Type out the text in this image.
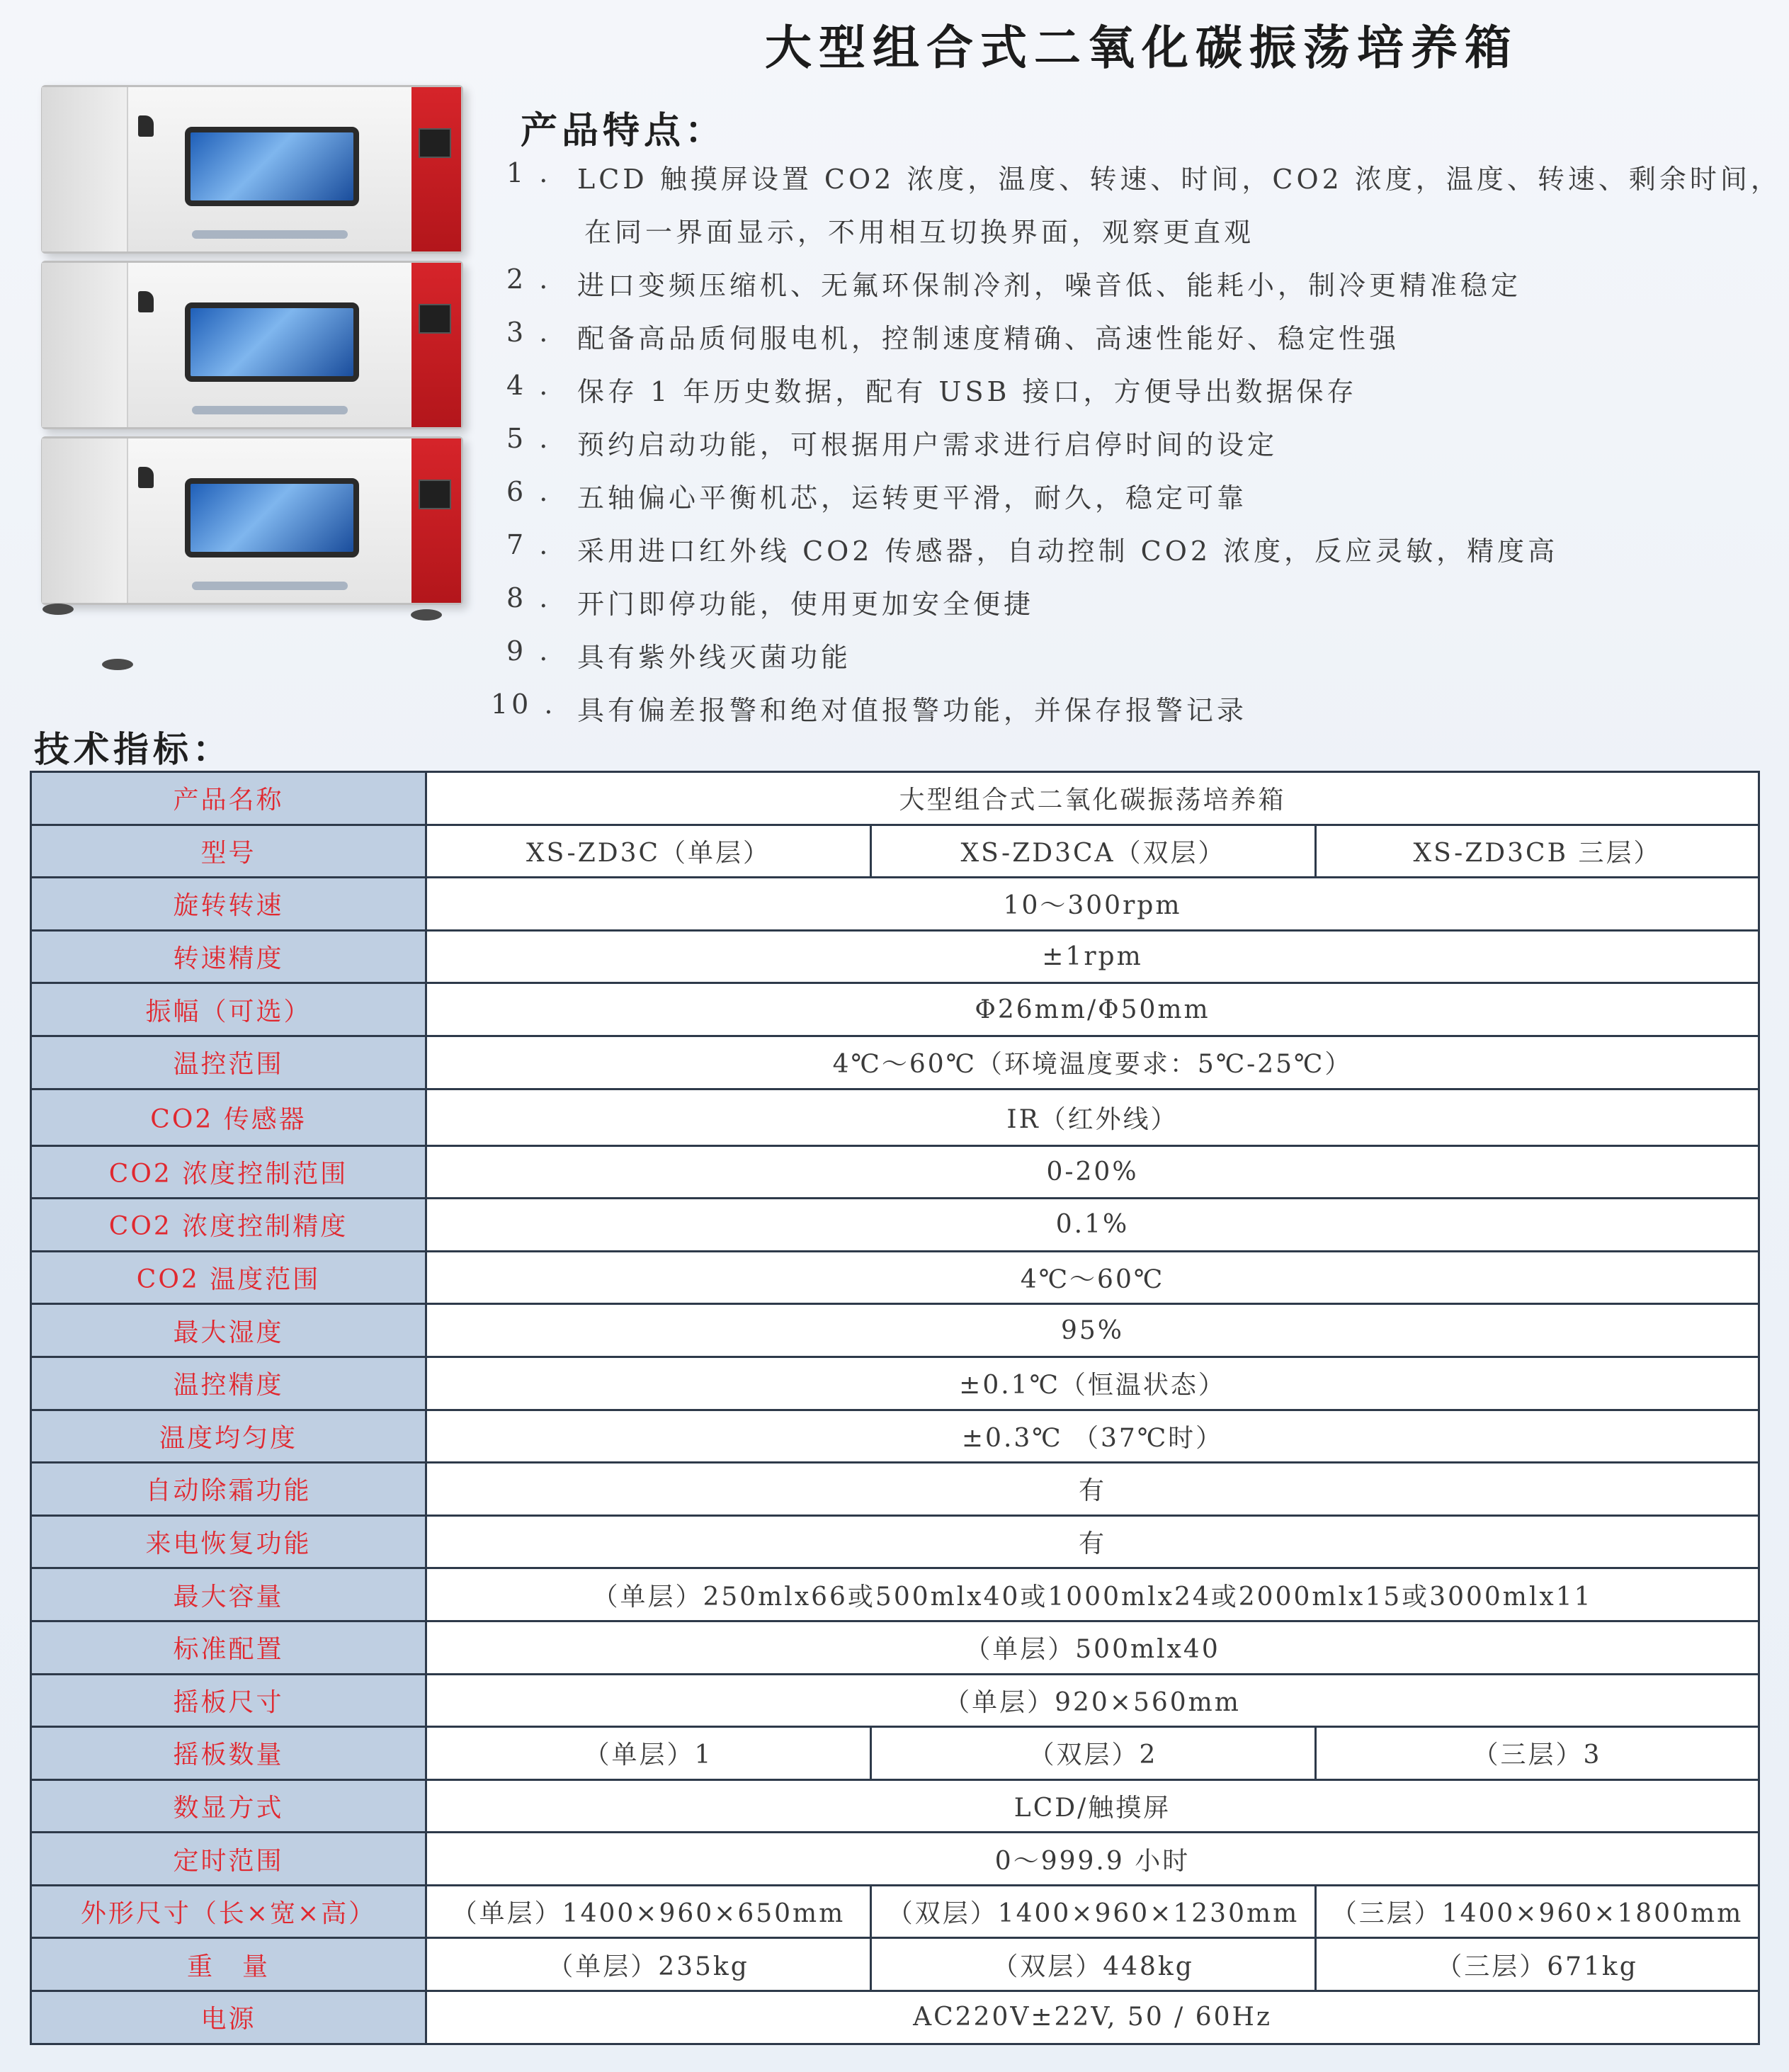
大型组合式二氧化碳振荡培养箱
产品特点：
1 . LCD 触摸屏设置 CO2 浓度，温度、转速、时间，CO2 浓度，温度、转速、剩余时间，
在同一界面显示，不用相互切换界面，观察更直观
2 . 进口变频压缩机、无氟环保制冷剂，噪音低、能耗小，制冷更精准稳定
3 . 配备高品质伺服电机，控制速度精确、高速性能好、稳定性强
4 . 保存 1 年历史数据，配有 USB 接口，方便导出数据保存
5 . 预约启动功能，可根据用户需求进行启停时间的设定
6 . 五轴偏心平衡机芯，运转更平滑，耐久，稳定可靠
7 . 采用进口红外线 CO2 传感器，自动控制 CO2 浓度，反应灵敏，精度高
8 . 开门即停功能，使用更加安全便捷
9 . 具有紫外线灭菌功能
10 . 具有偏差报警和绝对值报警功能，并保存报警记录
技术指标：
产品名称	大型组合式二氧化碳振荡培养箱		
型号	XS-ZD3C（单层）	XS-ZD3CA（双层）	XS-ZD3CB 三层）
旋转转速	10～300rpm		
转速精度	±1rpm		
振幅（可选）	Φ26mm/Φ50mm		
温控范围	4℃～60℃（环境温度要求：5℃-25℃）		
CO2 传感器	IR（红外线）		
CO2 浓度控制范围	0-20%		
CO2 浓度控制精度	0.1%		
CO2 温度范围	4℃～60℃		
最大湿度	95%		
温控精度	±0.1℃（恒温状态）		
温度均匀度	±0.3℃ （37℃时）		
自动除霜功能	有		
来电恢复功能	有		
最大容量	（单层）250mlx66或500mlx40或1000mlx24或2000mlx15或3000mlx11		
标准配置	（单层）500mlx40		
摇板尺寸	（单层）920×560mm		
摇板数量	（单层）1	（双层）2	（三层）3
数显方式	LCD/触摸屏		
定时范围	0～999.9 小时		
外形尺寸（长×宽×高）	（单层）1400×960×650mm	（双层）1400×960×1230mm	（三层）1400×960×1800mm
重　量	（单层）235kg	（双层）448kg	（三层）671kg
电源	AC220V±22V, 50 / 60Hz		
